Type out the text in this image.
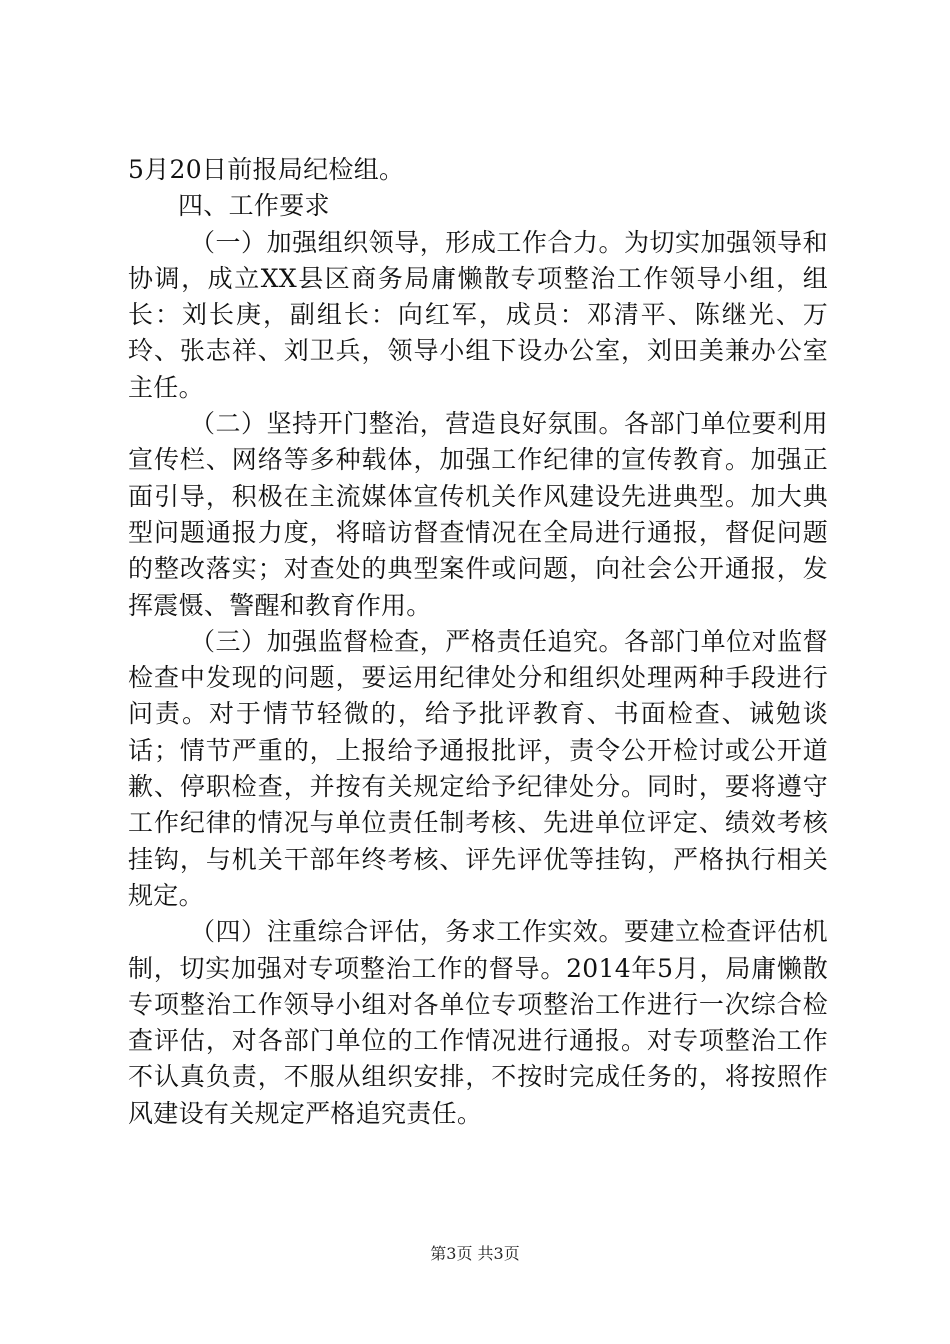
5月20日前报局纪检组。

四、工作要求

（一）加强组织领导，形成工作合力。为切实加强领导和协调，成立XX县区商务局庸懒散专项整治工作领导小组，组长：刘长庚，副组长：向红军，成员：邓清平、陈继光、万玲、张志祥、刘卫兵，领导小组下设办公室，刘田美兼办公室主任。

（二）坚持开门整治，营造良好氛围。各部门单位要利用宣传栏、网络等多种载体，加强工作纪律的宣传教育。加强正面引导，积极在主流媒体宣传机关作风建设先进典型。加大典型问题通报力度，将暗访督查情况在全局进行通报，督促问题的整改落实；对查处的典型案件或问题，向社会公开通报，发挥震慑、警醒和教育作用。

（三）加强监督检查，严格责任追究。各部门单位对监督检查中发现的问题，要运用纪律处分和组织处理两种手段进行问责。对于情节轻微的，给予批评教育、书面检查、诫勉谈话；情节严重的，上报给予通报批评，责令公开检讨或公开道歉、停职检查，并按有关规定给予纪律处分。同时，要将遵守工作纪律的情况与单位责任制考核、先进单位评定、绩效考核挂钩，与机关干部年终考核、评先评优等挂钩，严格执行相关规定。

（四）注重综合评估，务求工作实效。要建立检查评估机制，切实加强对专项整治工作的督导。2014年5月，局庸懒散专项整治工作领导小组对各单位专项整治工作进行一次综合检查评估，对各部门单位的工作情况进行通报。对专项整治工作不认真负责，不服从组织安排，不按时完成任务的，将按照作风建设有关规定严格追究责任。

第3页 共3页
